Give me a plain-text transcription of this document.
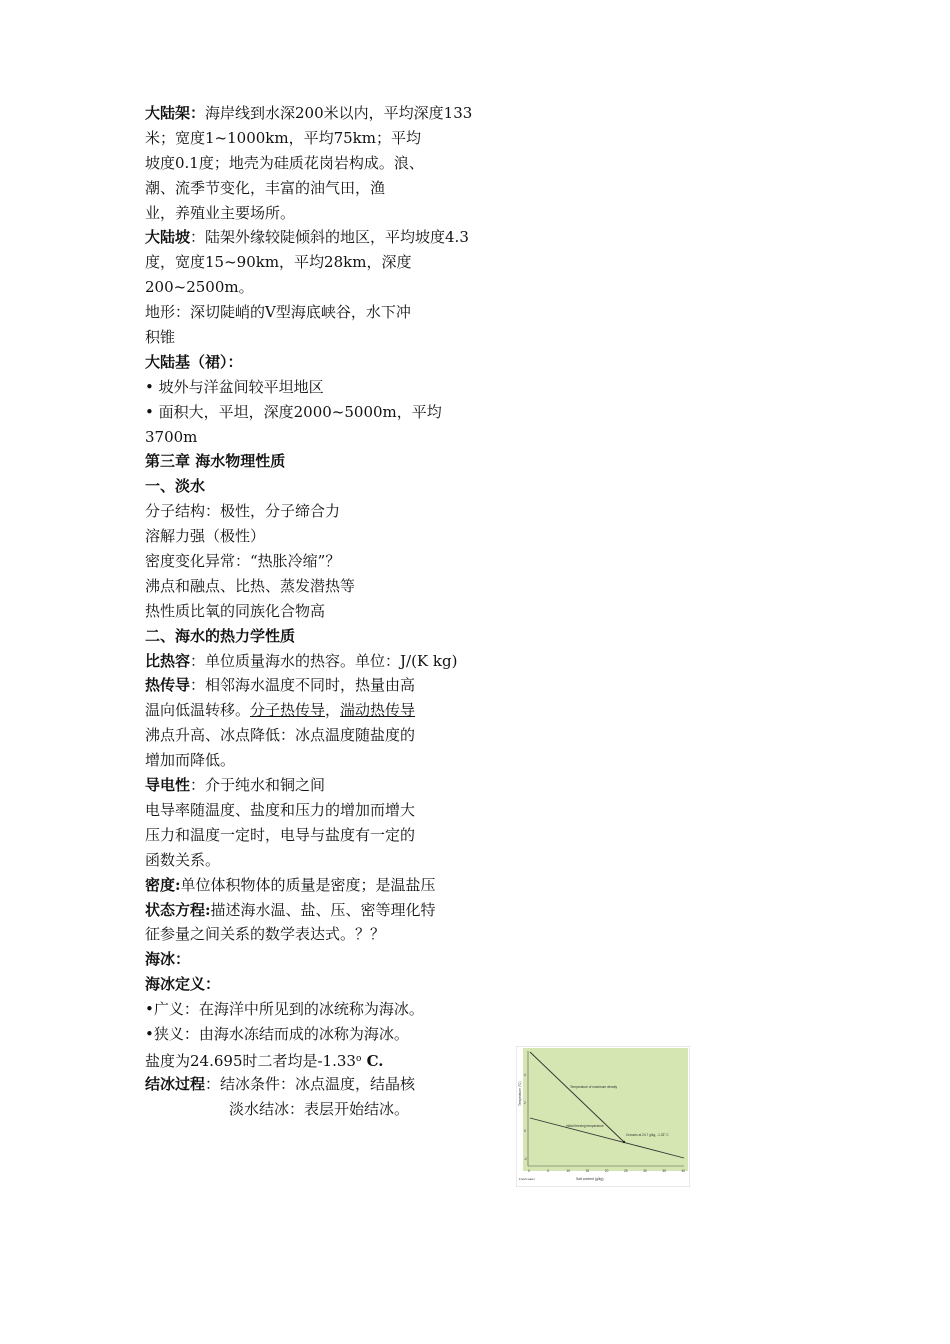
大陆架：海岸线到水深200米以内，平均深度133
米；宽度1~1000km，平均75km；平均
坡度0.1度；地壳为硅质花岗岩构成。浪、
潮、流季节变化，丰富的油气田，渔
业，养殖业主要场所。
大陆坡：陆架外缘较陡倾斜的地区，平均坡度4.3
度，宽度15~90km，平均28km，深度
200~2500m。
地形：深切陡峭的V型海底峡谷，水下冲
积锥
大陆基（裙）：
• 坡外与洋盆间较平坦地区
• 面积大，平坦，深度2000~5000m，平均
3700m
第三章 海水物理性质
一、淡水
分子结构：极性，分子缔合力
溶解力强（极性）
密度变化异常：“热胀冷缩”？
沸点和融点、比热、蒸发潜热等
热性质比氧的同族化合物高
二、海水的热力学性质
比热容：单位质量海水的热容。单位：J/(K kg)
热传导：相邻海水温度不同时，热量由高
温向低温转移。分子热传导，湍动热传导
沸点升高、冰点降低：冰点温度随盐度的
增加而降低。
导电性：介于纯水和铜之间
电导率随温度、盐度和压力的增加而增大
压力和温度一定时，电导与盐度有一定的
函数关系。
密度:单位体积物体的质量是密度；是温盐压
状态方程:描述海水温、盐、压、密等理化特
征参量之间关系的数学表达式。？？
海冰：
海冰定义：
•广义：在海洋中所见到的冰统称为海冰。
•狭义：由海水冻结而成的冰称为海冰。
盐度为24.695时二者均是-1.33$^o$ C.
结冰过程：结冰条件：冰点温度，结晶核
淡水结冰：表层开始结冰。
Temperature of maximum density
Initial freezing temperature
Crosses at 24.7 g/kg, -1.33° C
Salt content (g/kg)
Fresh water
Temperature (°C)
0	5	10	15	20	25	30	35	40
4
2
0
-2
